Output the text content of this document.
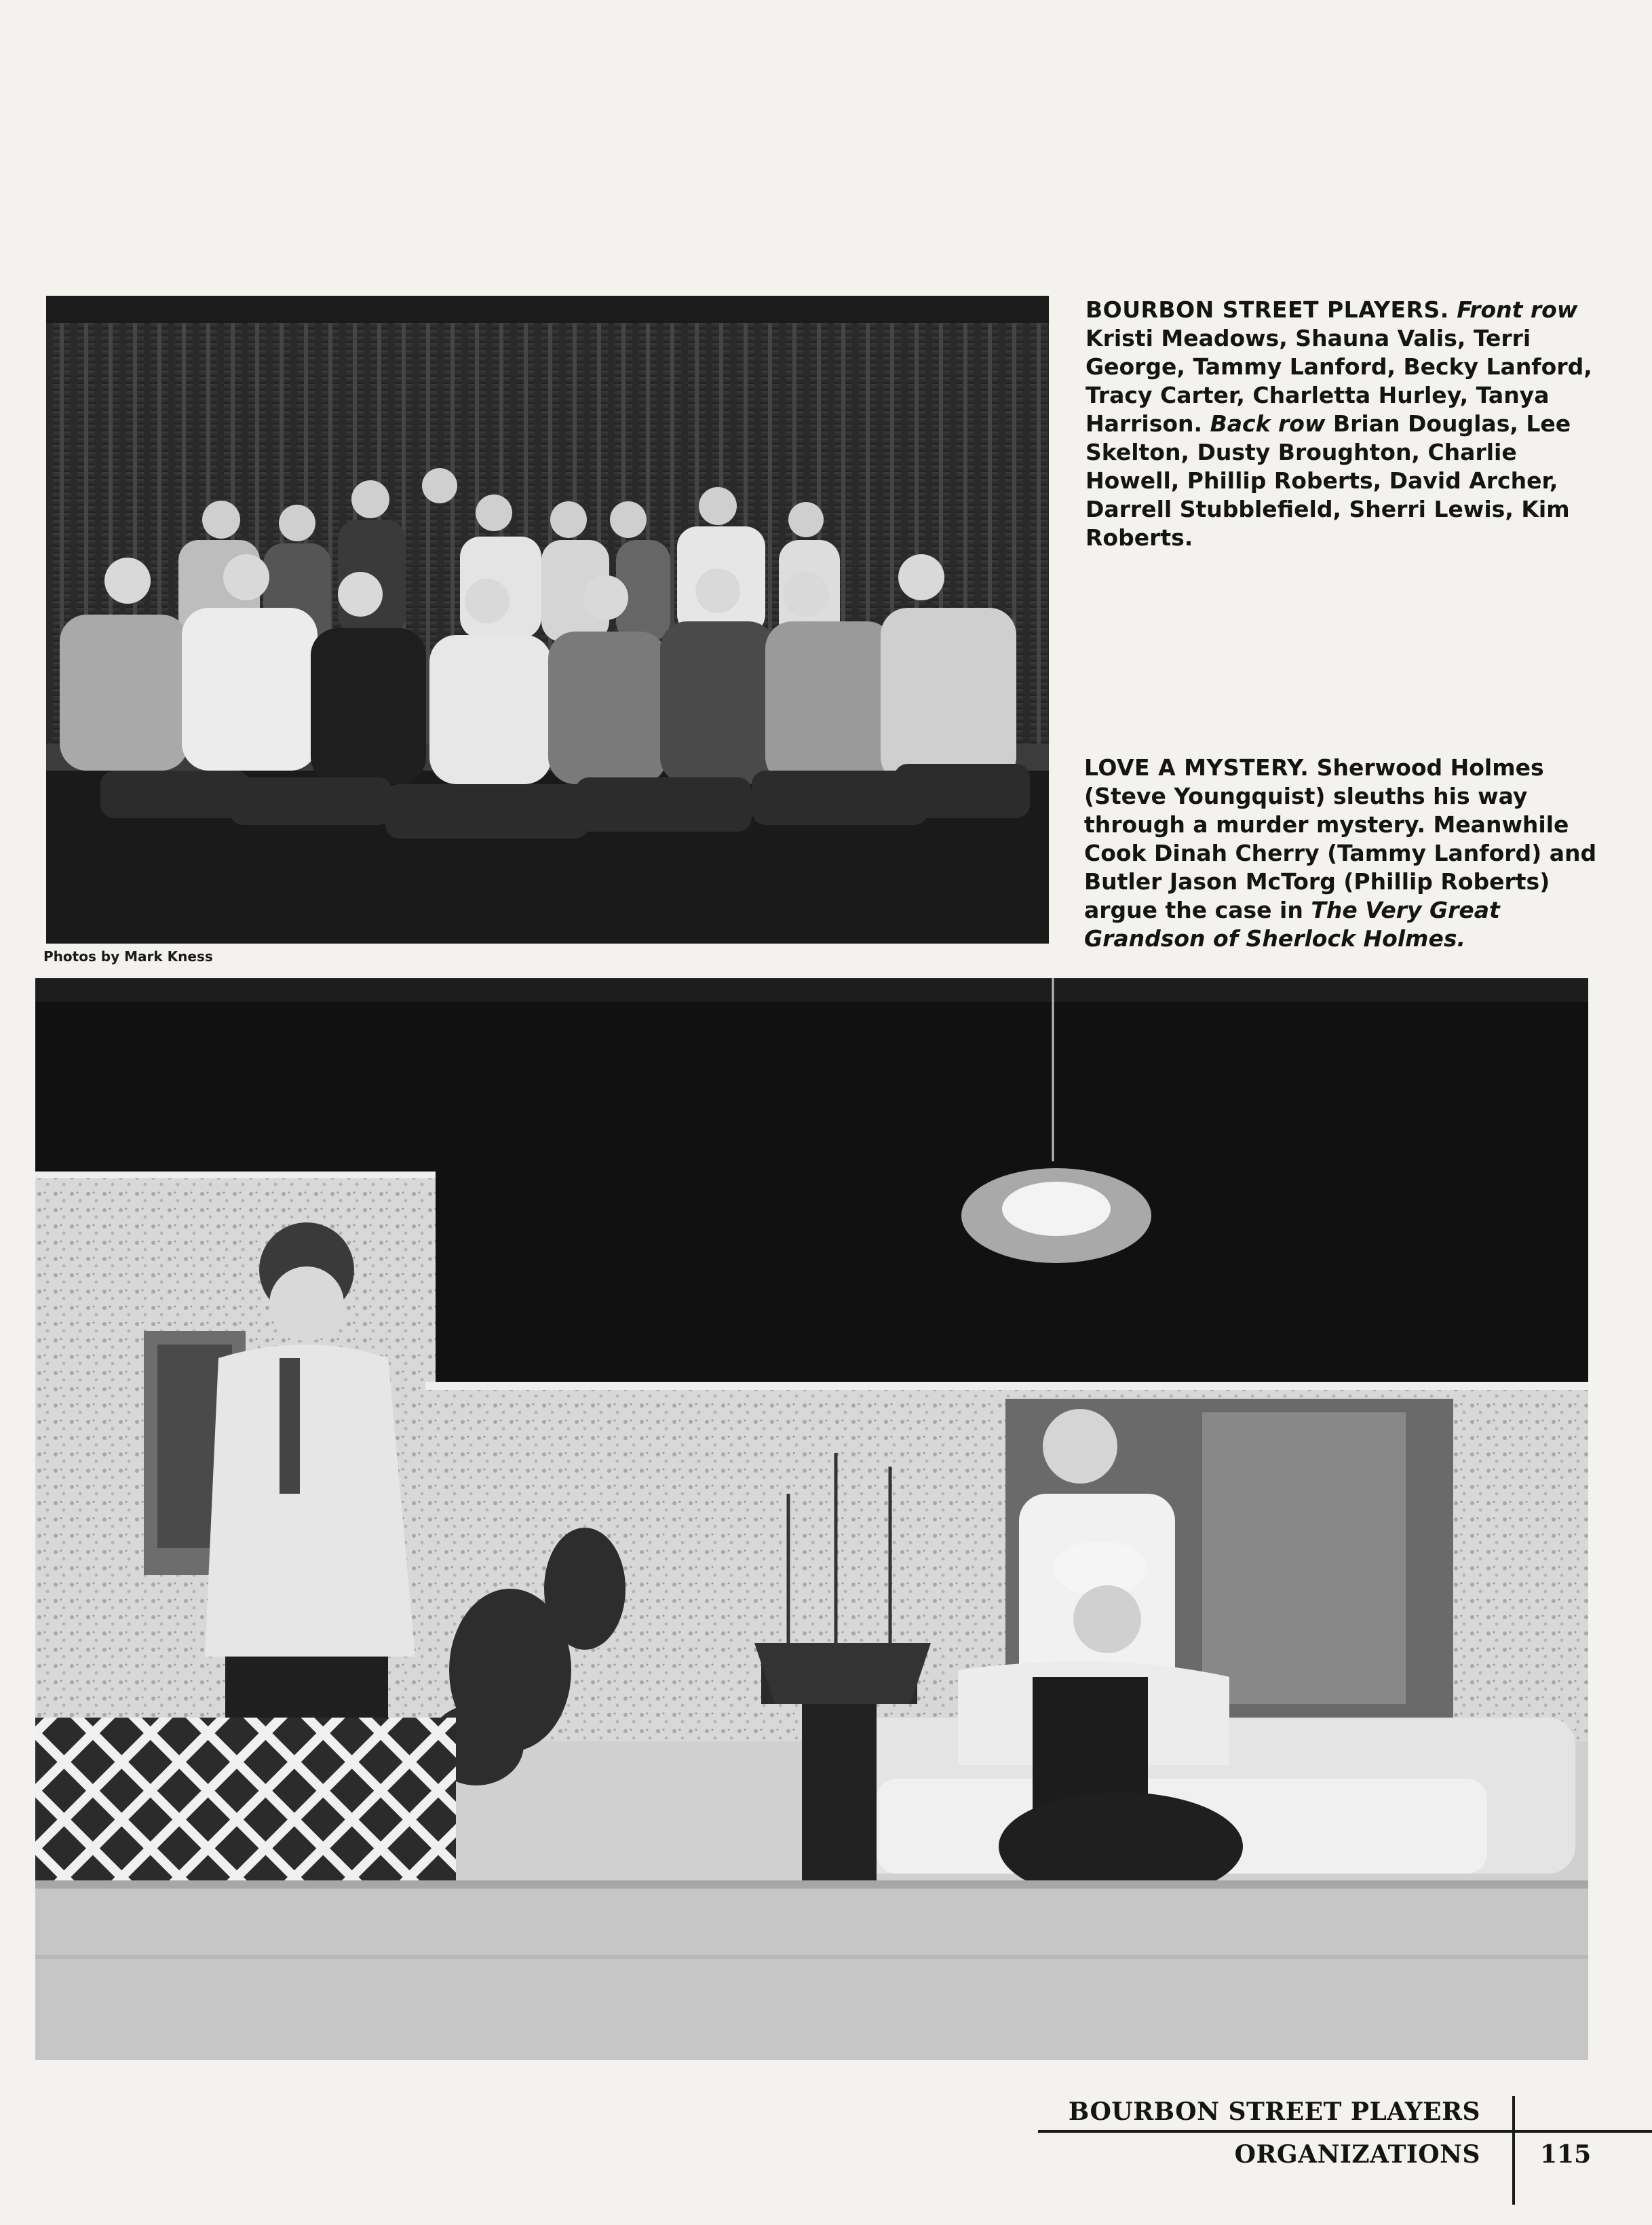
BOURBON STREET PLAYERS. Front row Kristi Meadows, Shauna Valis, Terri George, Tammy Lanford, Becky Lanford, Tracy Carter, Charletta Hurley, Tanya Harrison. Back row Brian Douglas, Lee Skelton, Dusty Broughton, Charlie Howell, Phillip Roberts, David Archer, Darrell Stubblefield, Sherri Lewis, Kim Roberts.
LOVE A MYSTERY. Sherwood Holmes (Steve Youngquist) sleuths his way through a murder mystery. Meanwhile Cook Dinah Cherry (Tammy Lanford) and Butler Jason McTorg (Phillip Roberts) argue the case in The Very Great Grandson of Sherlock Holmes.
Photos by Mark Kness
BOURBON STREET PLAYERS
ORGANIZATIONS 115
